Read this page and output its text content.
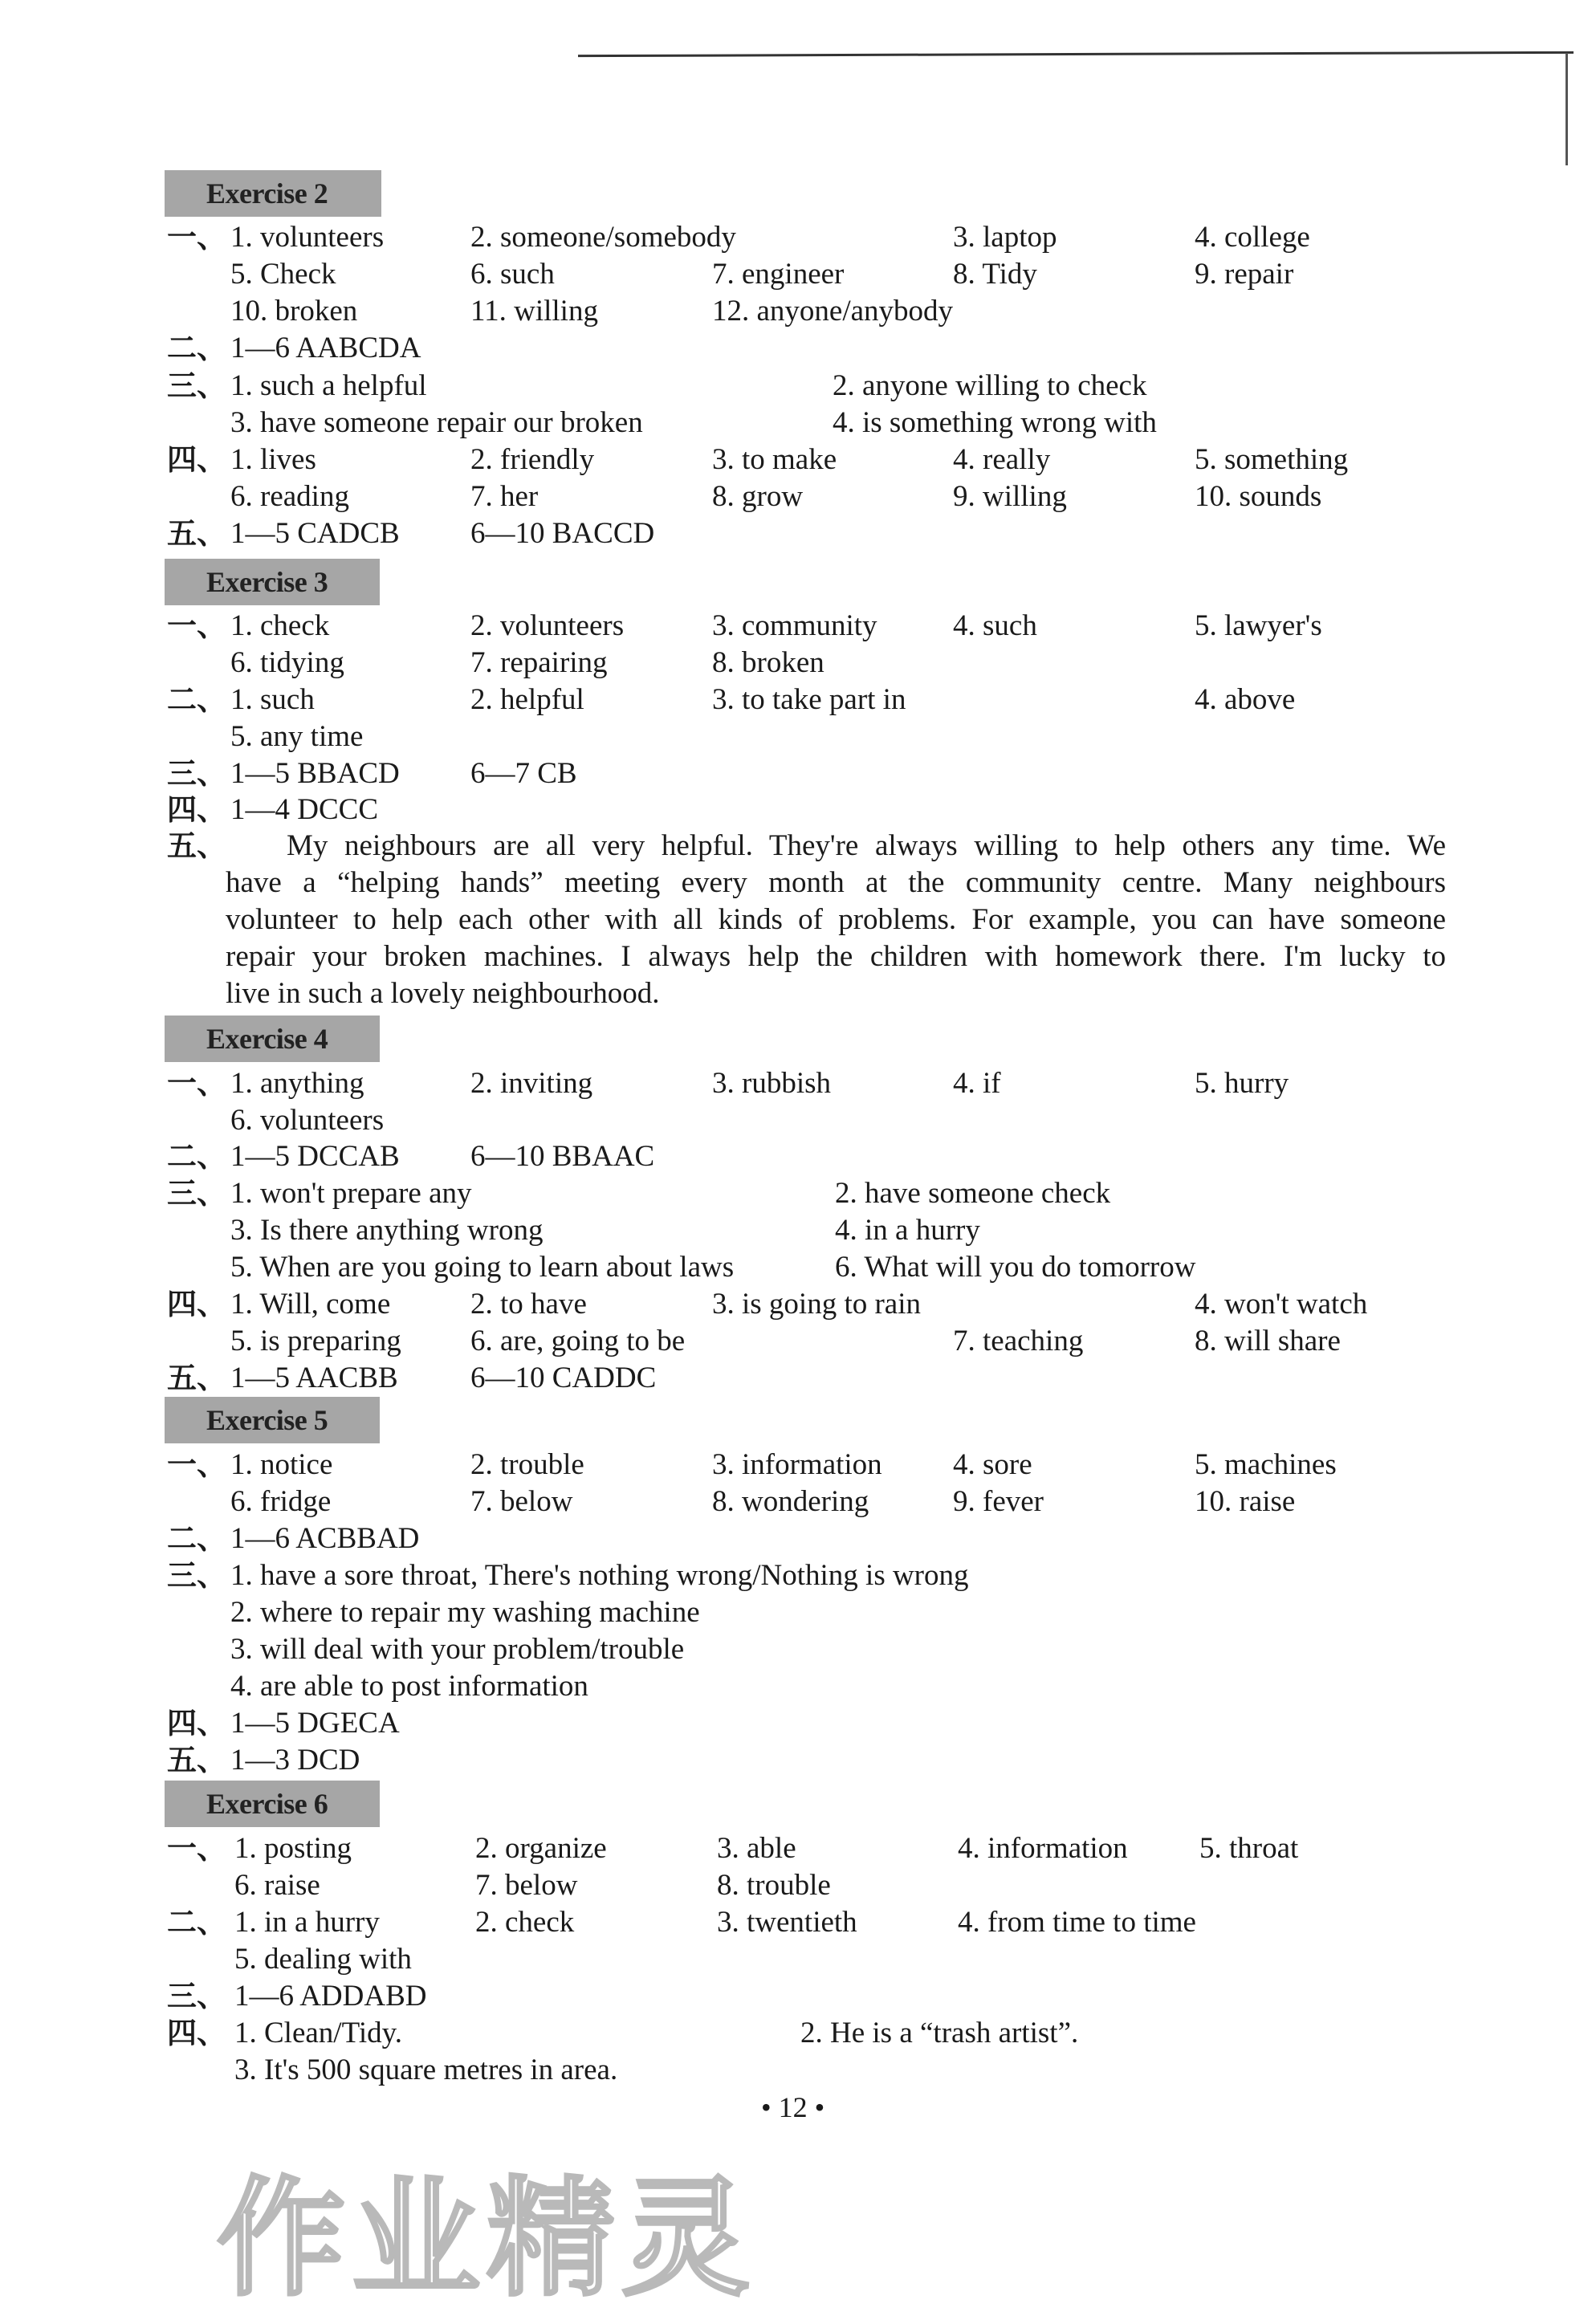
Exercise 2
一、 1. volunteers	2. someone/somebody	3. laptop	4. college
5. Check	6. such	7. engineer	8. Tidy	9. repair
10. broken	11. willing	12. anyone/anybody
二、 1—6 AABCDA
三、 1. such a helpful	2. anyone willing to check
3. have someone repair our broken	4. is something wrong with
四、 1. lives	2. friendly	3. to make	4. really	5. something
6. reading	7. her	8. grow	9. willing	10. sounds
五、 1—5 CADCB 6—10 BACCD
Exercise 3
一、 1. check	2. volunteers	3. community	4. such	5. lawyer's
6. tidying	7. repairing	8. broken
二、 1. such	2. helpful	3. to take part in	4. above
5. any time
三、 1—5 BBACD 6—7 CB
四、 1—4 DCCC
五、	My neighbours are all very helpful. They're always willing to help others any time. We
have a “helping hands” meeting every month at the community centre. Many neighbours
volunteer to help each other with all kinds of problems. For example, you can have someone
repair your broken machines. I always help the children with homework there. I'm lucky to
live in such a lovely neighbourhood.
Exercise 4
一、 1. anything	2. inviting	3. rubbish	4. if	5. hurry
6. volunteers
二、 1—5 DCCAB 6—10 BBAAC
三、 1. won't prepare any	2. have someone check
3. Is there anything wrong	4. in a hurry
5. When are you going to learn about laws	6. What will you do tomorrow
四、 1. Will, come	2. to have	3. is going to rain	4. won't watch
5. is preparing 6. are, going to be	7. teaching	8. will share
五、 1—5 AACBB 6—10 CADDC
Exercise 5
一、 1. notice	2. trouble	3. information 4. sore	5. machines
6. fridge	7. below	8. wondering	9. fever	10. raise
二、 1—6 ACBBAD
三、 1. have a sore throat, There's nothing wrong/Nothing is wrong
2. where to repair my washing machine
3. will deal with your problem/trouble
4. are able to post information
四、 1—5 DGECA
五、 1—3 DCD
Exercise 6
一、 1. posting	2. organize	3. able	4. information 5. throat
6. raise	7. below	8. trouble
二、 1. in a hurry	2. check	3. twentieth	4. from time to time
5. dealing with
三、 1—6 ADDABD
四、 1. Clean/Tidy.	2. He is a “trash artist”.
3. It's 500 square metres in area.
• 12 •
作业精灵
